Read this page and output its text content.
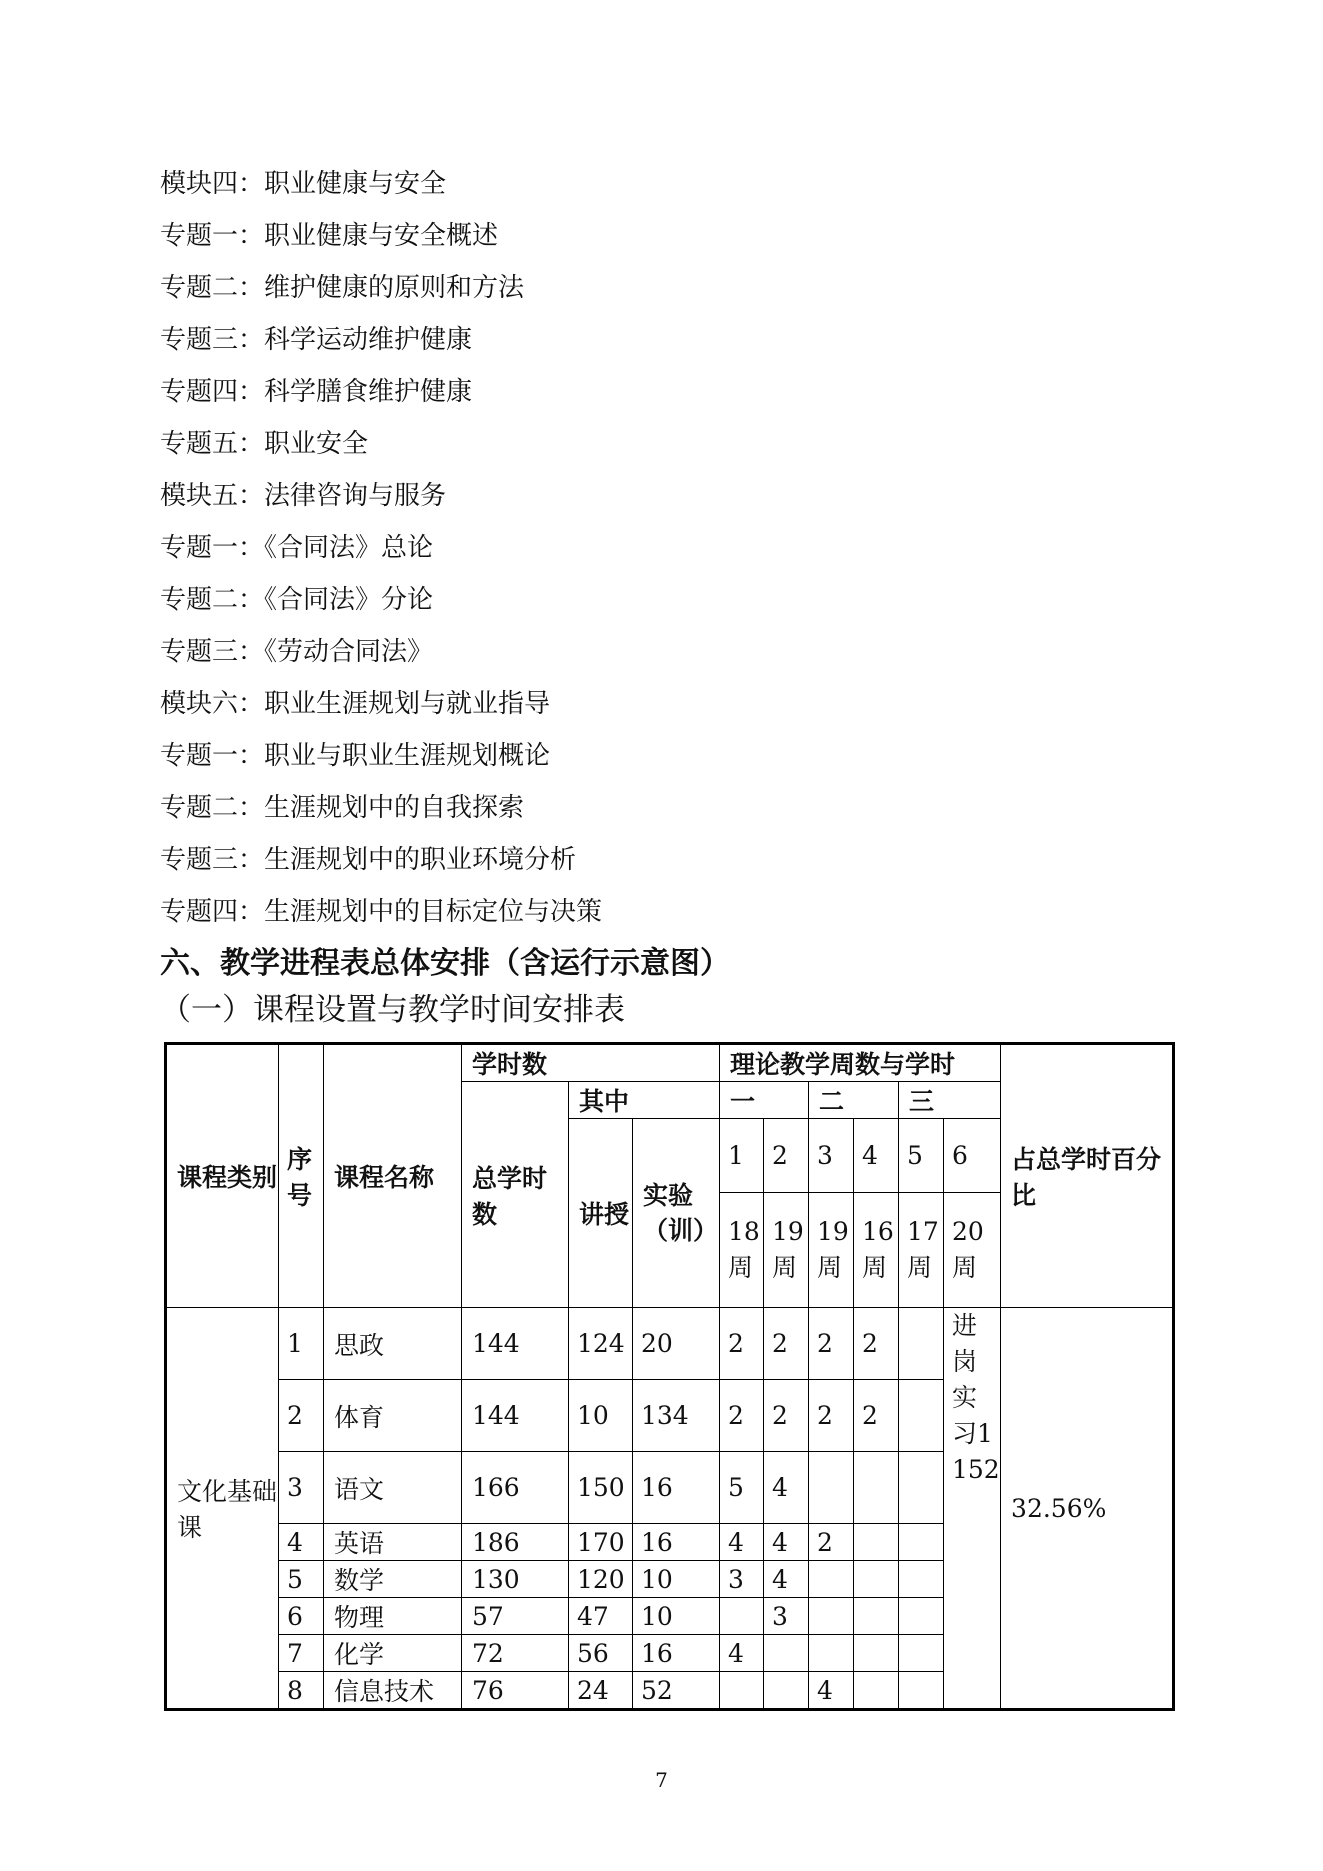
模块四：职业健康与安全
专题一：职业健康与安全概述
专题二：维护健康的原则和方法
专题三：科学运动维护健康
专题四：科学膳食维护健康
专题五：职业安全
模块五：法律咨询与服务
专题一：《合同法》总论
专题二：《合同法》分论
专题三：《劳动合同法》
模块六：职业生涯规划与就业指导
专题一：职业与职业生涯规划概论
专题二：生涯规划中的自我探索
专题三：生涯规划中的职业环境分析
专题四：生涯规划中的目标定位与决策
六、教学进程表总体安排（含运行示意图）
（一）课程设置与教学时间安排表
课程类别	序号	课程名称	学时数			理论教学周数与学时						占总学时百分比
			总学时数	其中		一		二		三		
				讲授	实验（训）	1	2	3	4	5	6	
						18周	19周	19周	16周	17周	20周	
文化基础课	1	思政	144	124	20	2	2	2	2		进岗实习1152	32.56%
	2	体育	144	10	134	2	2	2	2			
	3	语文	166	150	16	5	4					
	4	英语	186	170	16	4	4	2				
	5	数学	130	120	10	3	4					
	6	物理	57	47	10		3					
	7	化学	72	56	16	4						
	8	信息技术	76	24	52			4				
7
